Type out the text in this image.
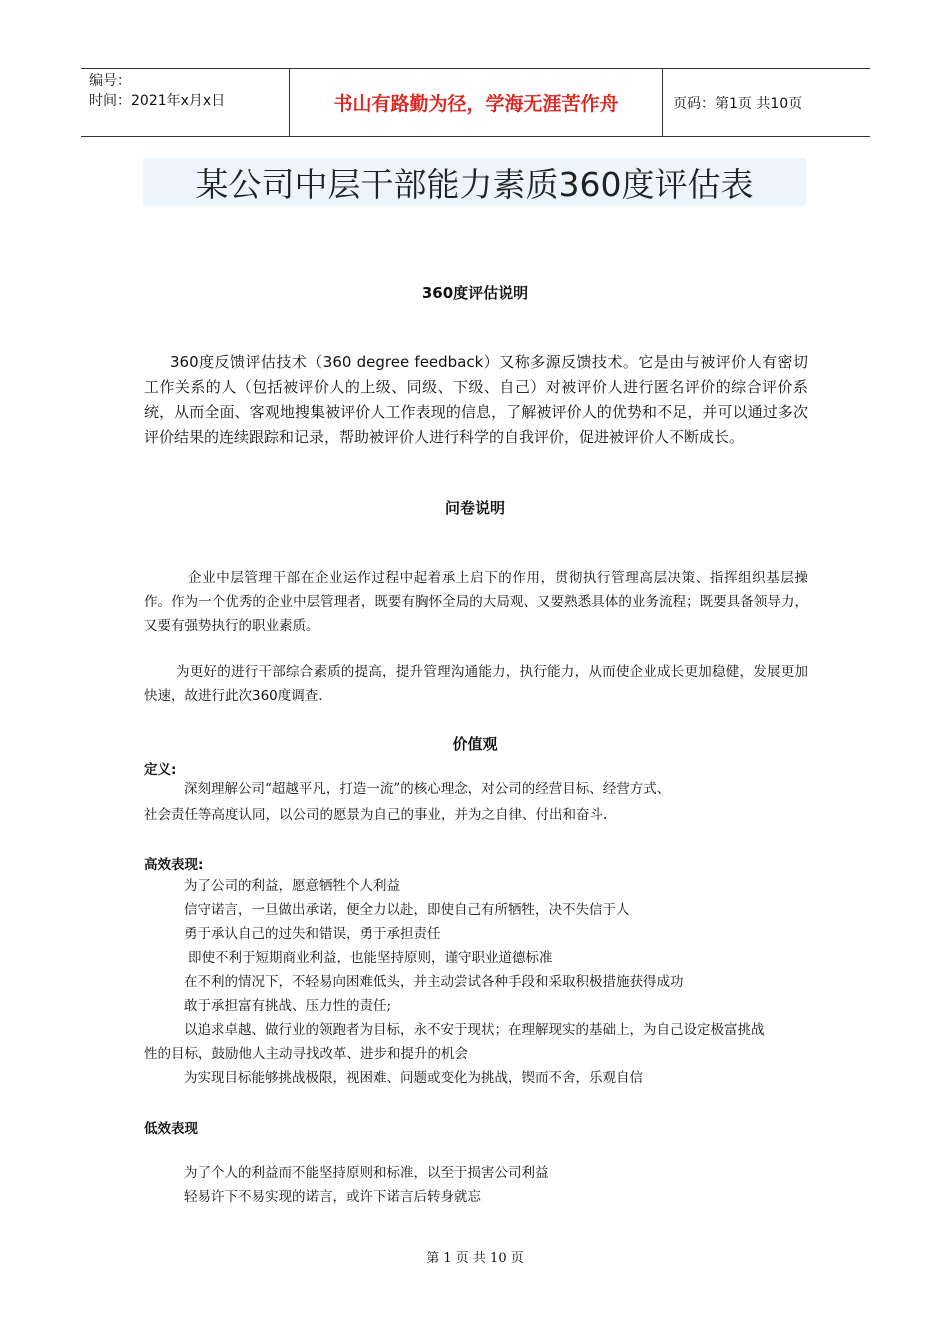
编号：
时间：2021年x月x日	书山有路勤为径，学海无涯苦作舟	页码：第1页 共10页
某公司中层干部能力素质360度评估表
360度评估说明
360度反馈评估技术（360 degree feedback）又称多源反馈技术。它是由与被评价人有密切工作关系的人（包括被评价人的上级、同级、下级、自己）对被评价人进行匿名评价的综合评价系统，从而全面、客观地搜集被评价人工作表现的信息，了解被评价人的优势和不足，并可以通过多次评价结果的连续跟踪和记录，帮助被评价人进行科学的自我评价，促进被评价人不断成长。
问卷说明
企业中层管理干部在企业运作过程中起着承上启下的作用，贯彻执行管理高层决策、指挥组织基层操作。作为一个优秀的企业中层管理者，既要有胸怀全局的大局观、又要熟悉具体的业务流程；既要具备领导力，又要有强势执行的职业素质。
为更好的进行干部综合素质的提高，提升管理沟通能力，执行能力，从而使企业成长更加稳健，发展更加快速，故进行此次360度调查.
价值观
定义:
深刻理解公司“超越平凡，打造一流”的核心理念，对公司的经营目标、经营方式、
社会责任等高度认同，以公司的愿景为自己的事业，并为之自律、付出和奋斗.
高效表现:
为了公司的利益，愿意牺牲个人利益
信守诺言，一旦做出承诺，便全力以赴，即使自己有所牺牲，决不失信于人
勇于承认自己的过失和错误，勇于承担责任
即使不利于短期商业利益，也能坚持原则，谨守职业道德标准
在不利的情况下，不轻易向困难低头，并主动尝试各种手段和采取积极措施获得成功
敢于承担富有挑战、压力性的责任;
以追求卓越、做行业的领跑者为目标，永不安于现状；在理解现实的基础上，为自己设定极富挑战
性的目标，鼓励他人主动寻找改革、进步和提升的机会
为实现目标能够挑战极限，视困难、问题或变化为挑战，锲而不舍，乐观自信
低效表现
为了个人的利益而不能坚持原则和标准，以至于损害公司利益
轻易许下不易实现的诺言，或许下诺言后转身就忘
第 1 页 共 10 页
